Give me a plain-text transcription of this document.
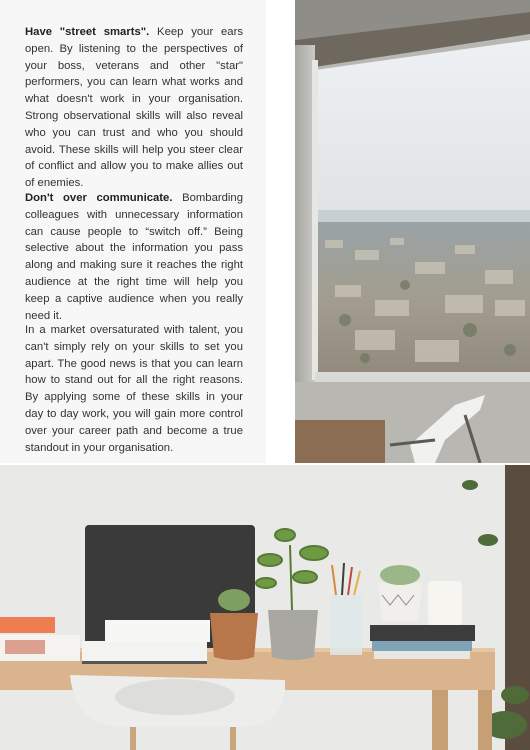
Have "street smarts". Keep your ears open. By listening to the perspectives of your boss, veterans and other "star" performers, you can learn what works and what doesn't work in your organisation. Strong observational skills will also reveal who you can trust and who you should avoid. These skills will help you steer clear of conflict and allow you to make allies out of enemies.

Don't over communicate. Bombarding colleagues with unnecessary information can cause people to “switch off.” Being selective about the information you pass along and making sure it reaches the right audience at the right time will help you keep a captive audience when you really need it.

In a market oversaturated with talent, you can't simply rely on your skills to set you apart. The good news is that you can learn how to stand out for all the right reasons. By applying some of these skills in your day to day work, you will gain more control over your career path and become a true standout in your organisation.
